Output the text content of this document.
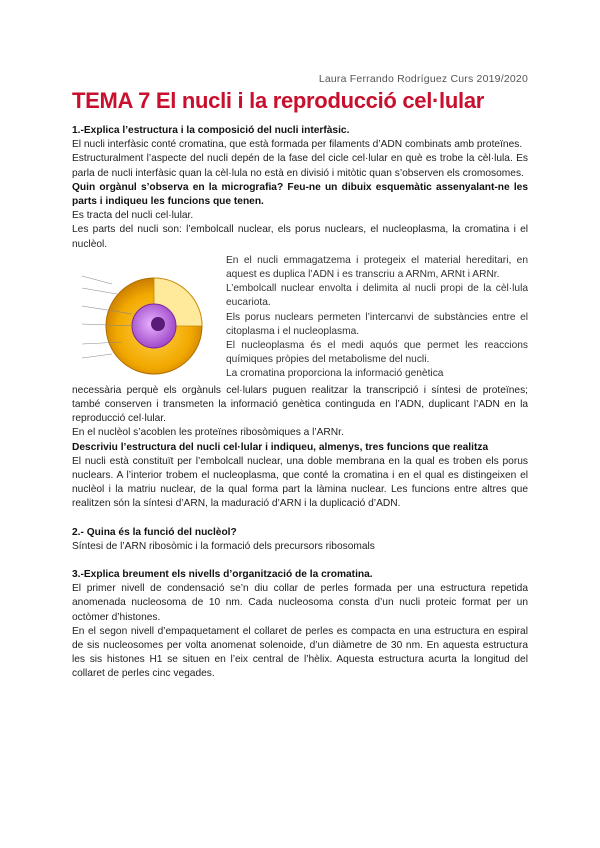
Laura Ferrando Rodríguez Curs 2019/2020
TEMA 7 El nucli i la reproducció cel·lular

1.-Explica l’estructura i la composició del nucli interfàsic.

El nucli interfàsic conté cromatina, que està formada per filaments d’ADN combinats amb proteïnes.

Estructuralment l’aspecte del nucli depén de la fase del cicle cel·lular en què es trobe la cèl·lula. Es parla de nucli interfàsic quan la cèl·lula no està en divisió i mitòtic quan s’observen els cromosomes.

Quin orgànul s’observa en la micrografia? Feu-ne un dibuix esquemàtic assenyalant-ne les parts i indiqueu les funcions que tenen.

Es tracta del nucli cel·lular.

Les parts del nucli son: l’embolcall nuclear, els porus nuclears, el nucleoplasma, la cromatina i el nuclèol.

En el nucli emmagatzema i protegeix el material hereditari, en aquest es duplica l’ADN i es transcriu a ARNm, ARNt i ARNr.

L’embolcall nuclear envolta i delimita al nucli propi de la cèl·lula eucariota.

Els porus nuclears permeten l’intercanvi de substàncies entre el citoplasma i el nucleoplasma.

El nucleoplasma és el medi aquós que permet les reaccions químiques pròpies del metabolisme del nucli.

La cromatina proporciona la informació genètica

necessària perquè els orgànuls cel·lulars puguen realitzar la transcripció i síntesi de proteïnes; també conserven i transmeten la informació genètica continguda en l’ADN, duplicant l’ADN en la reproducció cel·lular.

En el nuclèol s’acoblen les proteïnes ribosòmiques a l’ARNr.

Descriviu l’estructura del nucli cel·lular i indiqueu, almenys, tres funcions que realitza

El nucli està constituït per l’embolcall nuclear, una doble membrana en la qual es troben els porus nuclears. A l’interior trobem el nucleoplasma, que conté la cromatina i en el qual es distingeixen el nuclèol i la matriu nuclear, de la qual forma part la làmina nuclear. Les funcions entre altres que realitzen són la síntesi d’ARN, la maduració d’ARN i la duplicació d’ADN.

2.- Quina és la funció del nuclèol?

Síntesi de l’ARN ribosòmic i la formació dels precursors ribosomals

3.-Explica breument els nivells d’organització de la cromatina.

El primer nivell de condensació se’n diu collar de perles formada per una estructura repetida anomenada nucleosoma de 10 nm. Cada nucleosoma consta d’un nucli proteic format per un octòmer d’histones.

En el segon nivell d’empaquetament el collaret de perles es compacta en una estructura en espiral de sis nucleosomes per volta anomenat solenoide, d’un diàmetre de 30 nm. En aquesta estructura les sis histones H1 se situen en l’eix central de l’hèlix. Aquesta estructura acurta la longitud del collaret de perles cinc vegades.
